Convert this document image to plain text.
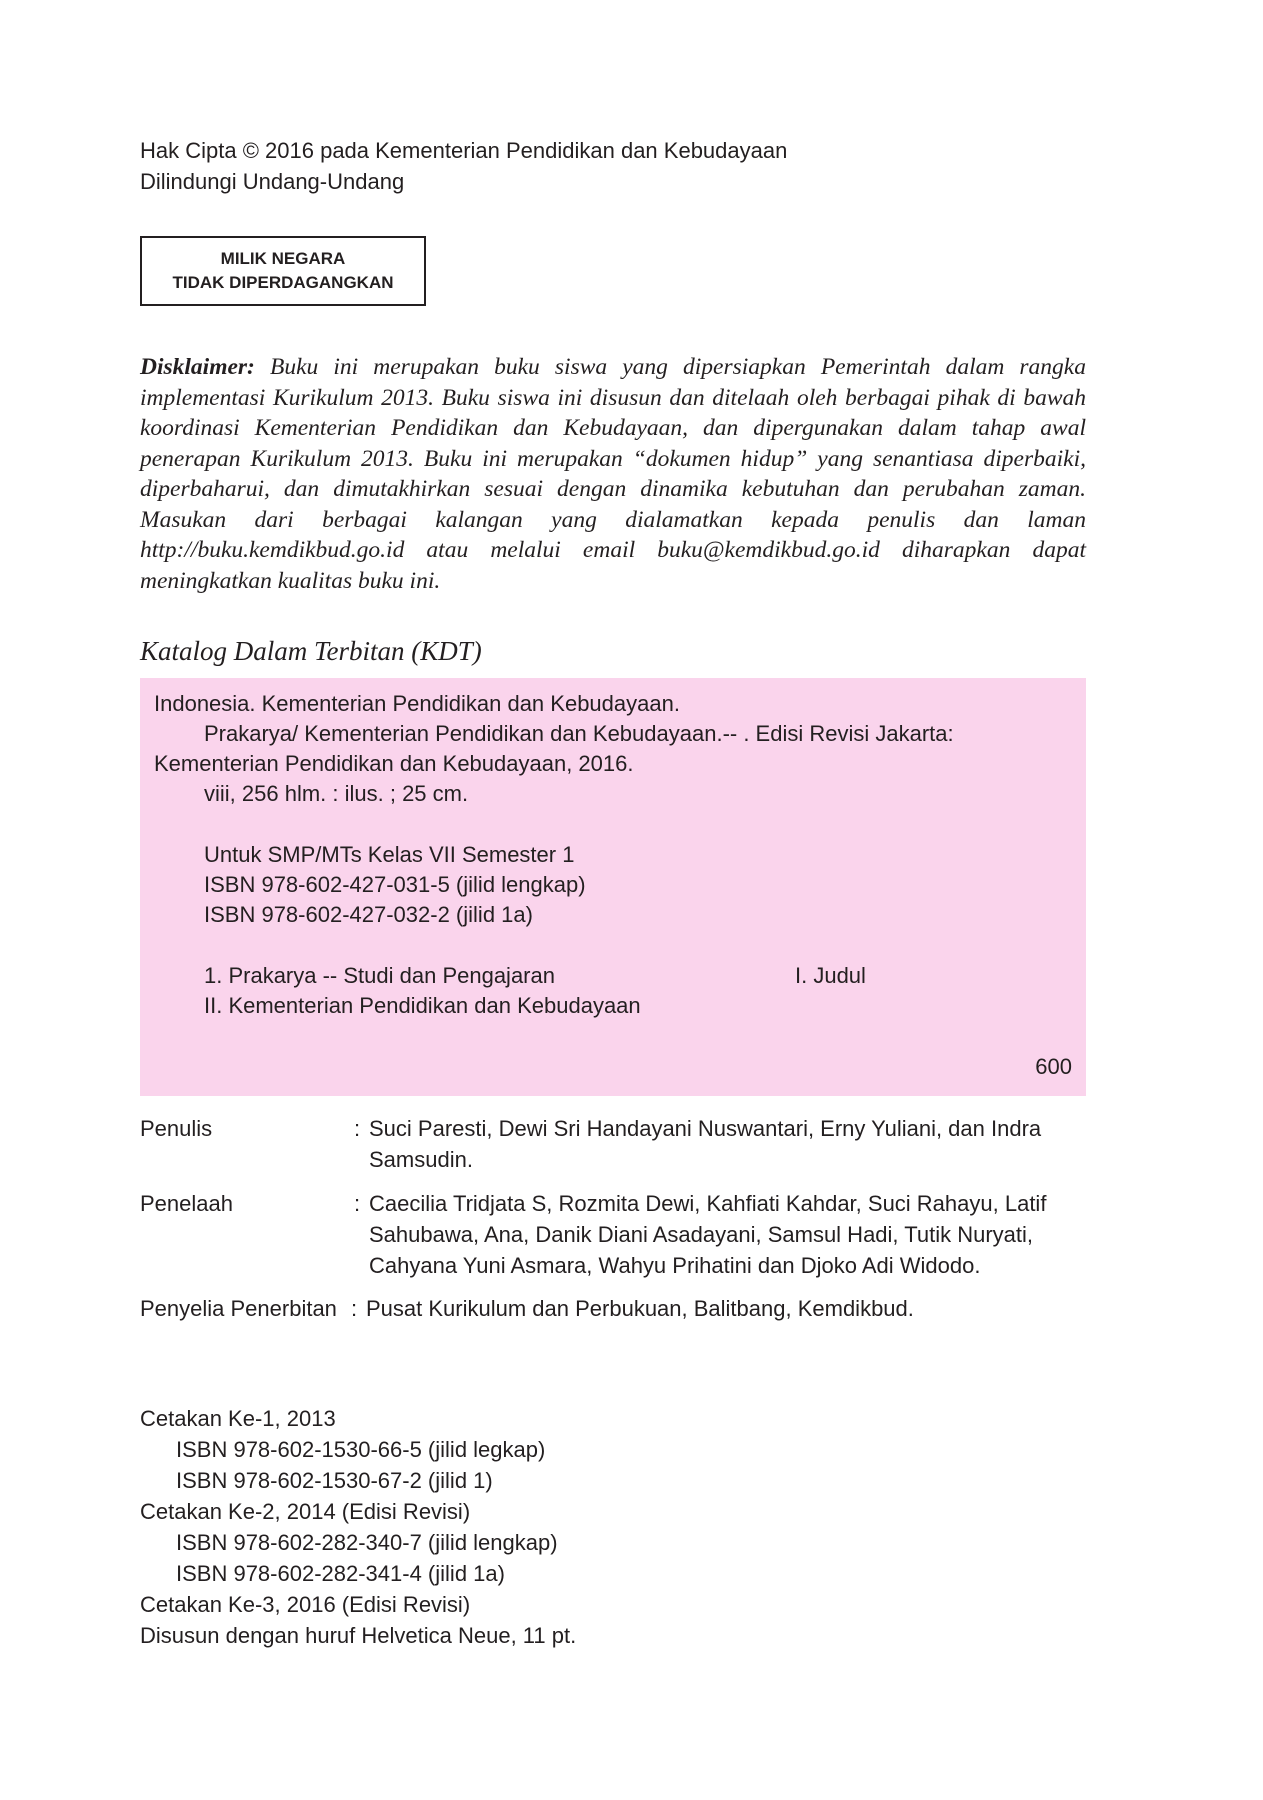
Hak Cipta © 2016 pada Kementerian Pendidikan dan Kebudayaan
Dilindungi Undang-Undang
MILIK NEGARA
TIDAK DIPERDAGANGKAN
Disklaimer: Buku ini merupakan buku siswa yang dipersiapkan Pemerintah dalam rangka implementasi Kurikulum 2013. Buku siswa ini disusun dan ditelaah oleh berbagai pihak di bawah koordinasi Kementerian Pendidikan dan Kebudayaan, dan dipergunakan dalam tahap awal penerapan Kurikulum 2013. Buku ini merupakan “dokumen hidup” yang senantiasa diperbaiki, diperbaharui, dan dimutakhirkan sesuai dengan dinamika kebutuhan dan perubahan zaman. Masukan dari berbagai kalangan yang dialamatkan kepada penulis dan laman http://buku.kemdikbud.go.id atau melalui email buku@kemdikbud.go.id diharapkan dapat meningkatkan kualitas buku ini.
Katalog Dalam Terbitan (KDT)
Indonesia. Kementerian Pendidikan dan Kebudayaan.
Prakarya/ Kementerian Pendidikan dan Kebudayaan.-- . Edisi Revisi Jakarta:
Kementerian Pendidikan dan Kebudayaan, 2016.
viii, 256 hlm. : ilus. ; 25 cm.
Untuk SMP/MTs Kelas VII Semester 1
ISBN 978-602-427-031-5 (jilid lengkap)
ISBN 978-602-427-032-2 (jilid 1a)
1. Prakarya -- Studi dan Pengajaran	I. Judul
II. Kementerian Pendidikan dan Kebudayaan
600
Penulis	: Suci Paresti, Dewi Sri Handayani Nuswantari, Erny Yuliani, dan Indra Samsudin.
Penelaah	: Caecilia Tridjata S, Rozmita Dewi, Kahfiati Kahdar, Suci Rahayu, Latif Sahubawa, Ana, Danik Diani Asadayani, Samsul Hadi, Tutik Nuryati, Cahyana Yuni Asmara, Wahyu Prihatini dan Djoko Adi Widodo.
Penyelia Penerbitan : Pusat Kurikulum dan Perbukuan, Balitbang, Kemdikbud.
Cetakan Ke-1, 2013
ISBN 978-602-1530-66-5 (jilid legkap)
ISBN 978-602-1530-67-2 (jilid 1)
Cetakan Ke-2, 2014 (Edisi Revisi)
ISBN 978-602-282-340-7 (jilid lengkap)
ISBN 978-602-282-341-4 (jilid 1a)
Cetakan Ke-3, 2016 (Edisi Revisi)
Disusun dengan huruf Helvetica Neue, 11 pt.
